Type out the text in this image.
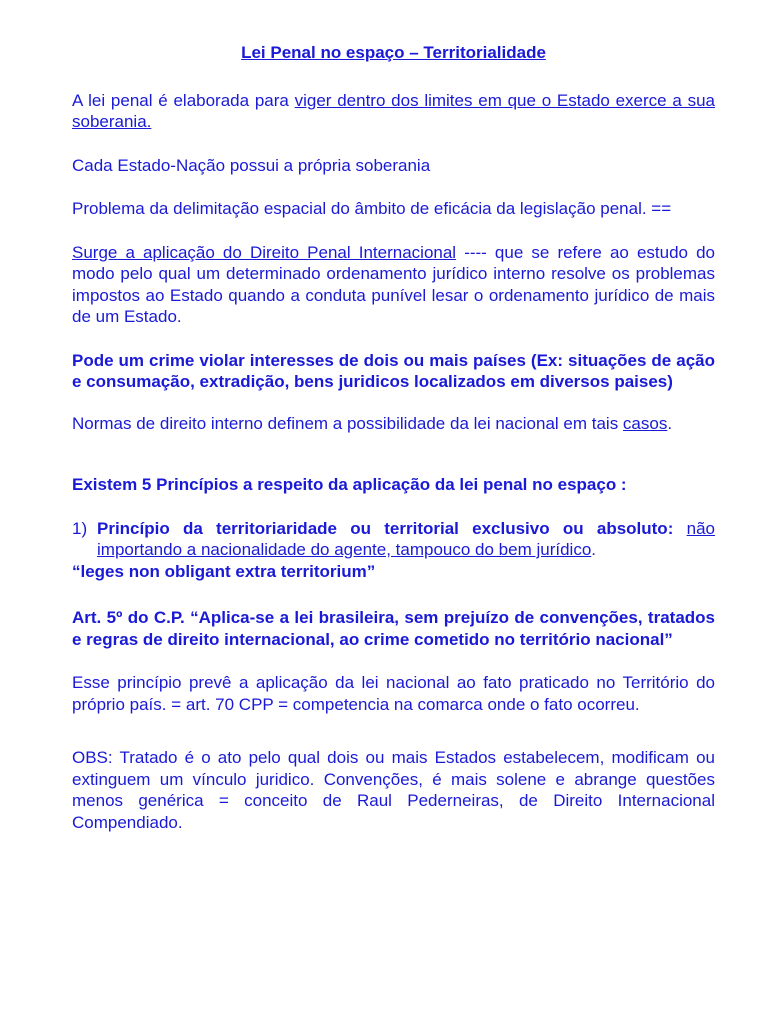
Lei Penal no espaço – Territorialidade

A lei penal é elaborada para viger dentro dos limites em que o Estado exerce a sua soberania.

Cada Estado-Nação possui a própria soberania

Problema da delimitação espacial do âmbito de eficácia da legislação penal. ==

Surge a aplicação do Direito Penal Internacional ---- que se refere ao estudo do modo pelo qual um determinado ordenamento jurídico interno resolve os problemas impostos ao Estado quando a conduta punível lesar o ordenamento jurídico de mais de um Estado.

Pode um crime violar interesses de dois ou mais países (Ex: situações de ação e consumação, extradição, bens juridicos localizados em diversos paises)

Normas de direito interno definem a possibilidade da lei nacional em tais casos.

Existem 5 Princípios a respeito da aplicação da lei penal no espaço :

1) Princípio da territoriaridade ou territorial exclusivo ou absoluto: não importando a nacionalidade do agente, tampouco do bem jurídico.

“leges non obligant extra territorium”

Art. 5º do C.P. “Aplica-se a lei brasileira, sem prejuízo de convenções, tratados e regras de direito internacional, ao crime cometido no território nacional”

Esse princípio prevê a aplicação da lei nacional ao fato praticado no Território do próprio país. = art. 70 CPP = competencia na comarca onde o fato ocorreu.

OBS: Tratado é o ato pelo qual dois ou mais Estados estabelecem, modificam ou extinguem um vínculo juridico. Convenções, é mais solene e abrange questões menos genérica = conceito de Raul Pederneiras, de Direito Internacional Compendiado.
